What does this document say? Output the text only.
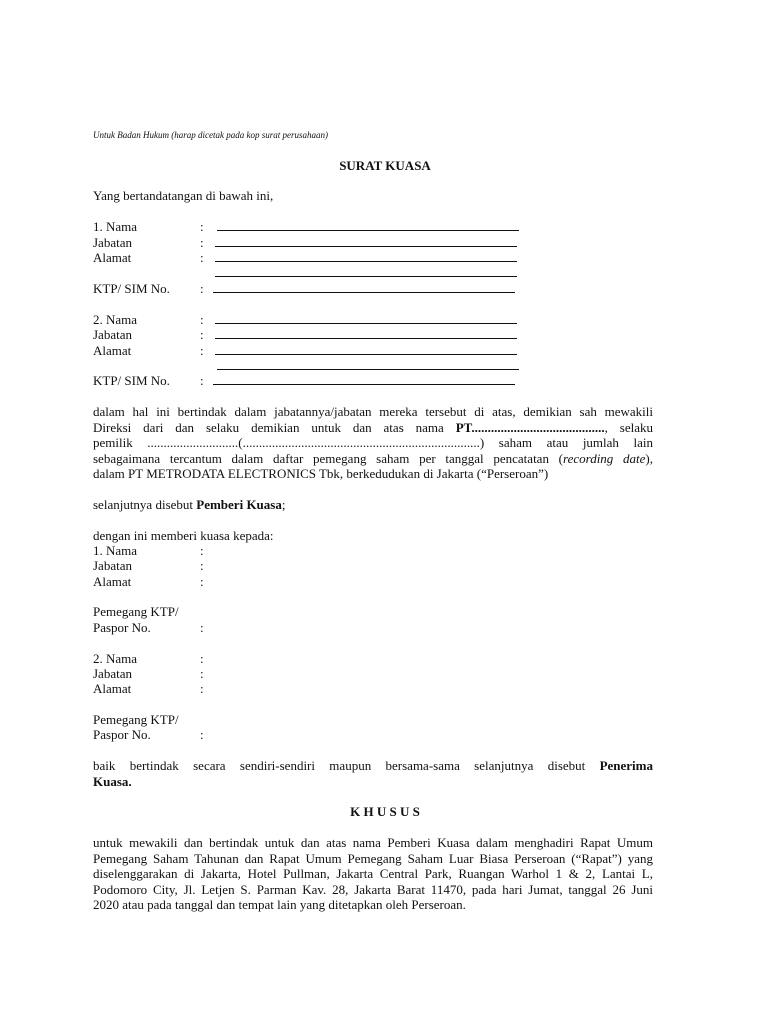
Untuk Badan Hukum (harap dicetak pada kop surat perusahaan)
SURAT KUASA
Yang bertandatangan di bawah ini,
1. Nama	:
Jabatan	:
Alamat	:
KTP/ SIM No. :
2. Nama	:
Jabatan	:
Alamat	:
KTP/ SIM No. :
dalam hal ini bertindak dalam jabatannya/jabatan mereka tersebut di atas, demikian sah mewakili
Direksi dari dan selaku demikian untuk dan atas nama PT........................................., selaku
pemilik ............................(.........................................................................) saham atau jumlah lain
sebagaimana tercantum dalam daftar pemegang saham per tanggal pencatatan (recording date),
dalam PT METRODATA ELECTRONICS Tbk, berkedudukan di Jakarta (“Perseroan”)
selanjutnya disebut Pemberi Kuasa;
dengan ini memberi kuasa kepada:
1. Nama	:
Jabatan	:
Alamat	:
Pemegang KTP/
Paspor No.	:
2. Nama	:
Jabatan	:
Alamat	:
Pemegang KTP/
Paspor No.	:
baik bertindak secara sendiri-sendiri maupun bersama-sama selanjutnya disebut Penerima
Kuasa.
K H U S U S
untuk mewakili dan bertindak untuk dan atas nama Pemberi Kuasa dalam menghadiri Rapat Umum
Pemegang Saham Tahunan dan Rapat Umum Pemegang Saham Luar Biasa Perseroan (“Rapat”) yang
diselenggarakan di Jakarta, Hotel Pullman, Jakarta Central Park, Ruangan Warhol 1 & 2, Lantai L,
Podomoro City, Jl. Letjen S. Parman Kav. 28, Jakarta Barat 11470, pada hari Jumat, tanggal 26 Juni
2020 atau pada tanggal dan tempat lain yang ditetapkan oleh Perseroan.
